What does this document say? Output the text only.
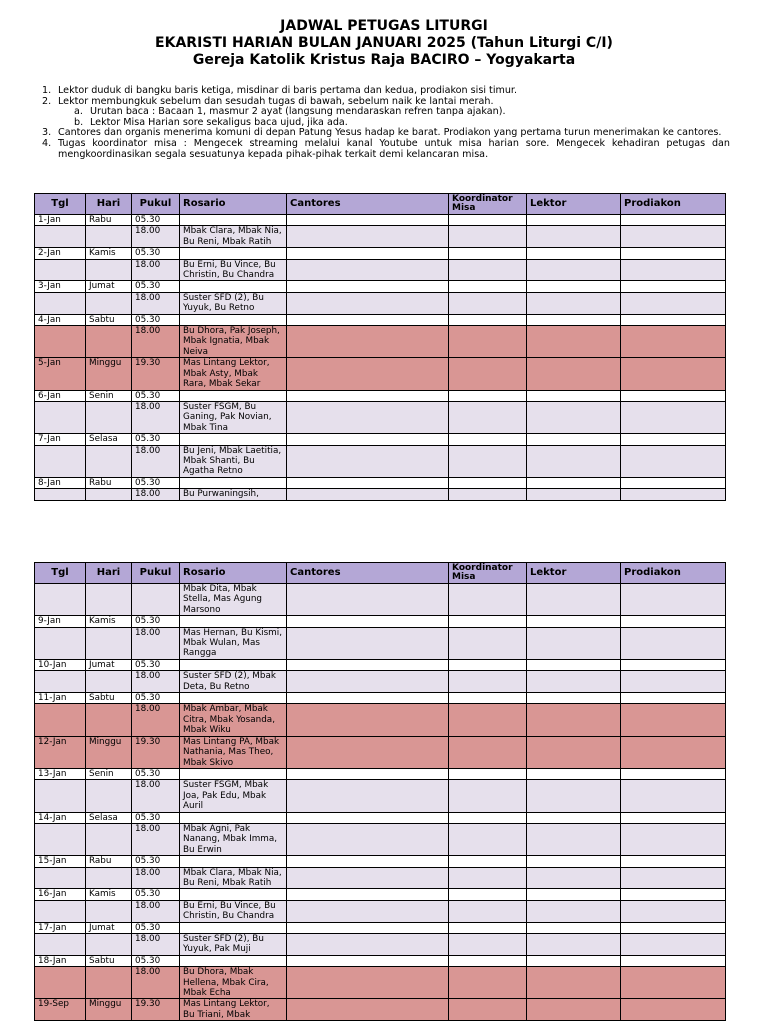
JADWAL PETUGAS LITURGI
EKARISTI HARIAN BULAN JANUARI 2025 (Tahun Liturgi C/I)
Gereja Katolik Kristus Raja BACIRO – Yogyakarta
1. Lektor duduk di bangku baris ketiga, misdinar di baris pertama dan kedua, prodiakon sisi timur.
2. Lektor membungkuk sebelum dan sesudah tugas di bawah, sebelum naik ke lantai merah.
a. Urutan baca : Bacaan 1, masmur 2 ayat (langsung mendaraskan refren tanpa ajakan).
b. Lektor Misa Harian sore sekaligus baca ujud, jika ada.
3. Cantores dan organis menerima komuni di depan Patung Yesus hadap ke barat. Prodiakon yang pertama turun menerimakan ke cantores.
4. Tugas koordinator misa : Mengecek streaming melalui kanal Youtube untuk misa harian sore. Mengecek kehadiran petugas dan mengkoordinasikan segala sesuatunya kepada pihak-pihak terkait demi kelancaran misa.
Tgl	Hari	Pukul	Rosario	Cantores	Koordinator Misa	Lektor	Prodiakon
1-Jan	Rabu	05.30					
		18.00	Mbak Clara, Mbak Nia, Bu Reni, Mbak Ratih				
2-Jan	Kamis	05.30					
		18.00	Bu Erni, Bu Vince, Bu Christin, Bu Chandra				
3-Jan	Jumat	05.30					
		18.00	Suster SFD (2), Bu Yuyuk, Bu Retno				
4-Jan	Sabtu	05.30					
		18.00	Bu Dhora, Pak Joseph, Mbak Ignatia, Mbak Neiva				
5-Jan	Minggu	19.30	Mas Lintang Lektor, Mbak Asty, Mbak Rara, Mbak Sekar				
6-Jan	Senin	05.30					
		18.00	Suster FSGM, Bu Ganing, Pak Novian, Mbak Tina				
7-Jan	Selasa	05.30					
		18.00	Bu Jeni, Mbak Laetitia, Mbak Shanti, Bu Agatha Retno				
8-Jan	Rabu	05.30					
		18.00	Bu Purwaningsih,				
Tgl	Hari	Pukul	Rosario	Cantores	Koordinator Misa	Lektor	Prodiakon
			Mbak Dita, Mbak Stella, Mas Agung Marsono				
9-Jan	Kamis	05.30					
		18.00	Mas Hernan, Bu Kismi, Mbak Wulan, Mas Rangga				
10-Jan	Jumat	05.30					
		18.00	Suster SFD (2), Mbak Deta, Bu Retno				
11-Jan	Sabtu	05.30					
		18.00	Mbak Ambar, Mbak Citra, Mbak Yosanda, Mbak Wiku				
12-Jan	Minggu	19.30	Mas Lintang PA, Mbak Nathania, Mas Theo, Mbak Skivo				
13-Jan	Senin	05.30					
		18.00	Suster FSGM, Mbak Joa, Pak Edu, Mbak Auril				
14-Jan	Selasa	05.30					
		18.00	Mbak Agni, Pak Nanang, Mbak Imma, Bu Erwin				
15-Jan	Rabu	05.30					
		18.00	Mbak Clara, Mbak Nia, Bu Reni, Mbak Ratih				
16-Jan	Kamis	05.30					
		18.00	Bu Erni, Bu Vince, Bu Christin, Bu Chandra				
17-Jan	Jumat	05.30					
		18.00	Suster SFD (2), Bu Yuyuk, Pak Muji				
18-Jan	Sabtu	05.30					
		18.00	Bu Dhora, Mbak Hellena, Mbak Cira, Mbak Echa				
19-Sep	Minggu	19.30	Mas Lintang Lektor, Bu Triani, Mbak				
